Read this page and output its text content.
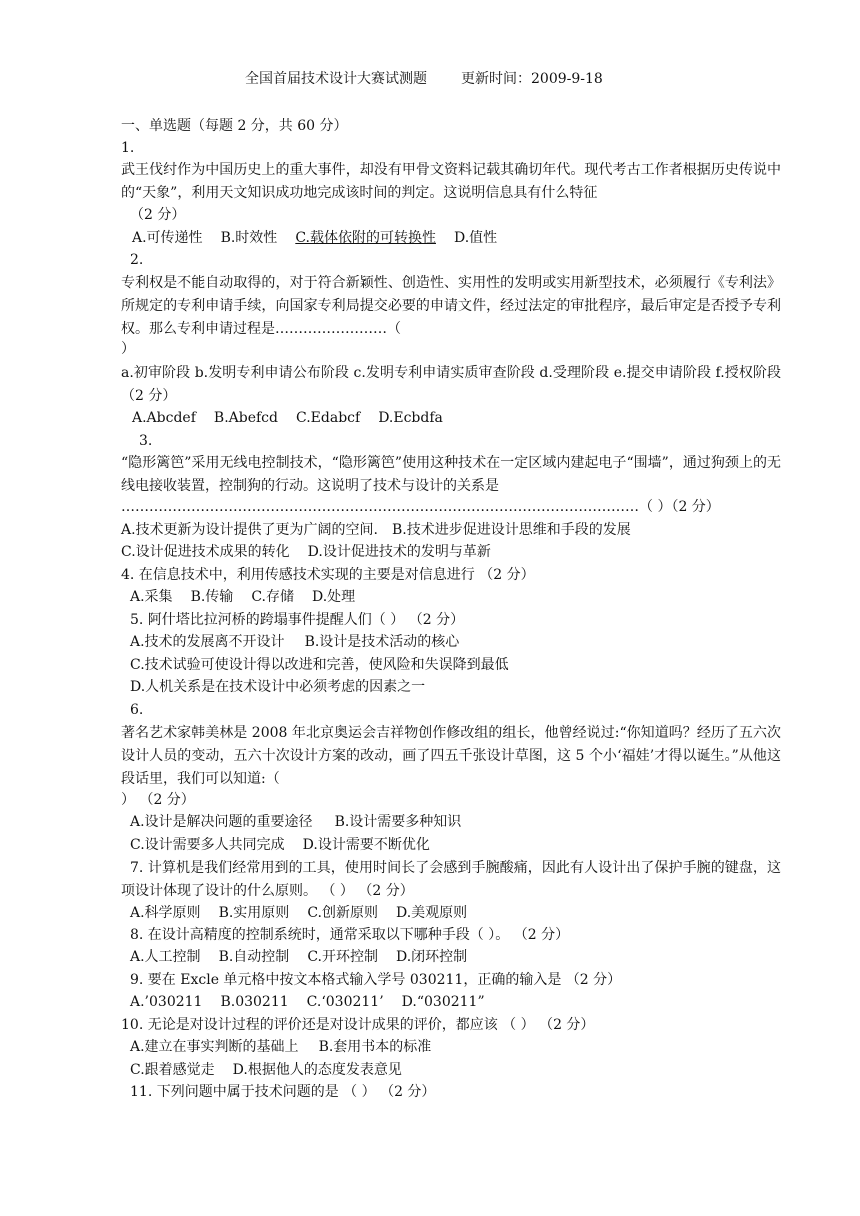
全国首届技术设计大赛试测题 更新时间：2009-9-18
一、单选题（每题 2 分，共 60 分）
1.
武王伐纣作为中国历史上的重大事件，却没有甲骨文资料记载其确切年代。现代考古工作者根据历史传说中的“天象”，利用天文知识成功地完成该时间的判定。这说明信息具有什么特征
（2 分）
A.可传递性 B.时效性 C.载体依附的可转换性 D.值性
2.
专利权是不能自动取得的，对于符合新颖性、创造性、实用性的发明或实用新型技术，必须履行《专利法》所规定的专利申请手续，向国家专利局提交必要的申请文件，经过法定的审批程序，最后审定是否授予专利权。那么专利申请过程是……………………（
）
a.初审阶段 b.发明专利申请公布阶段 c.发明专利申请实质审查阶段 d.受理阶段 e.提交申请阶段 f.授权阶段 （2 分）
A.Abcdef B.Abefcd C.Edabcf D.Ecbdfa
3.
“隐形篱笆”采用无线电控制技术，“隐形篱笆”使用这种技术在一定区域内建起电子“围墙”，通过狗颈上的无线电接收装置，控制狗的行动。这说明了技术与设计的关系是
…………………………………………………………………………………………………（ ）（2 分）
A.技术更新为设计提供了更为广阔的空间. B.技术进步促进设计思维和手段的发展
C.设计促进技术成果的转化 D.设计促进技术的发明与革新
4. 在信息技术中，利用传感技术实现的主要是对信息进行 （2 分）
A.采集 B.传输 C.存储 D.处理
5. 阿什塔比拉河桥的跨塌事件提醒人们（ ） （2 分）
A.技术的发展离不开设计 B.设计是技术活动的核心
C.技术试验可使设计得以改进和完善，使风险和失误降到最低
D.人机关系是在技术设计中必须考虑的因素之一
6.
著名艺术家韩美林是 2008 年北京奥运会吉祥物创作修改组的组长，他曾经说过:“你知道吗？经历了五六次设计人员的变动，五六十次设计方案的改动，画了四五千张设计草图，这 5 个小‘福娃’才得以诞生。”从他这段话里，我们可以知道:（
） （2 分）
A.设计是解决问题的重要途径 B.设计需要多种知识
C.设计需要多人共同完成 D.设计需要不断优化
7. 计算机是我们经常用到的工具，使用时间长了会感到手腕酸痛，因此有人设计出了保护手腕的键盘，这项设计体现了设计的什么原则。 （ ） （2 分）
A.科学原则 B.实用原则 C.创新原则 D.美观原则
8. 在设计高精度的控制系统时，通常采取以下哪种手段（ ）。 （2 分）
A.人工控制 B.自动控制 C.开环控制 D.闭环控制
9. 要在 Excle 单元格中按文本格式输入学号 030211，正确的输入是 （2 分）
A.’030211 B.030211 C.‘030211’ D.“030211”
10. 无论是对设计过程的评价还是对设计成果的评价，都应该 （ ） （2 分）
A.建立在事实判断的基础上 B.套用书本的标准
C.跟着感觉走 D.根据他人的态度发表意见
11. 下列问题中属于技术问题的是 （ ） （2 分）
